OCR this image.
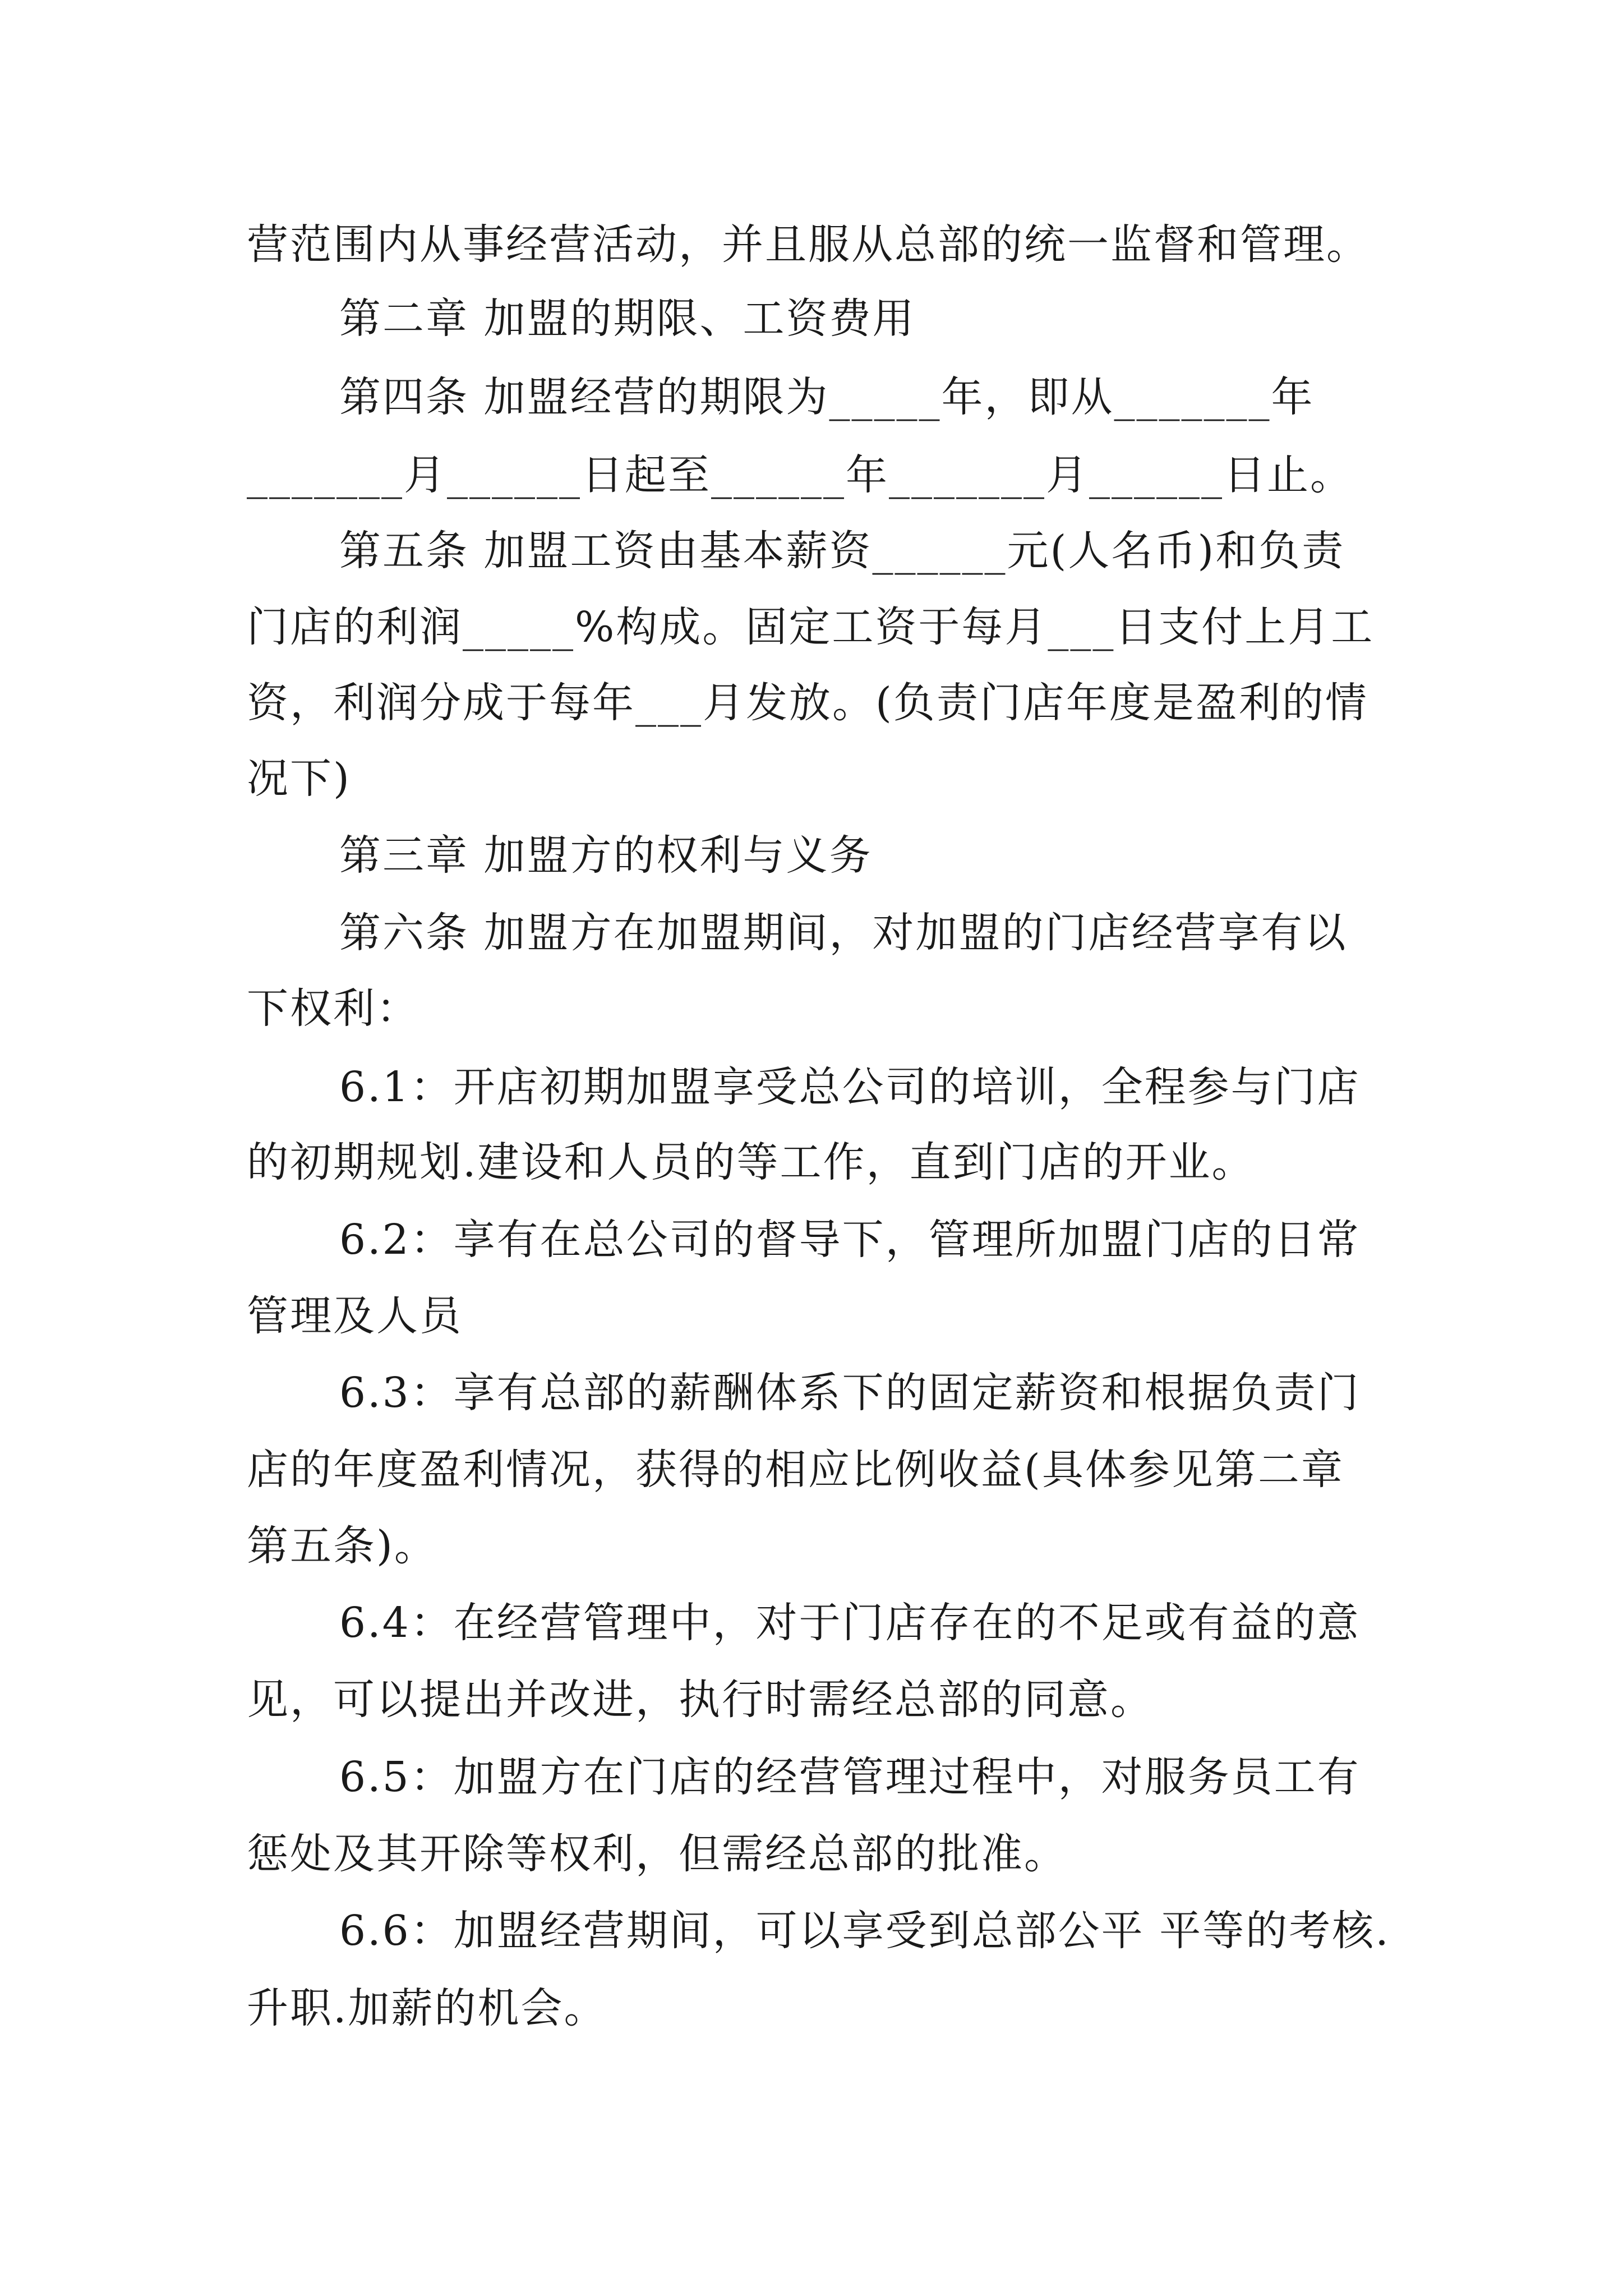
营范围内从事经营活动，并且服从总部的统一监督和管理。
第二章 加盟的期限、工资费用
第四条 加盟经营的期限为_____年，即从_______年
_______月______日起至______年_______月______日止。
第五条 加盟工资由基本薪资______元(人名币)和负责
门店的利润_____%构成。固定工资于每月___日支付上月工
资，利润分成于每年___月发放。(负责门店年度是盈利的情
况下)
第三章 加盟方的权利与义务
第六条 加盟方在加盟期间，对加盟的门店经营享有以
下权利：
6.1：开店初期加盟享受总公司的培训，全程参与门店
的初期规划.建设和人员的等工作，直到门店的开业。
6.2：享有在总公司的督导下，管理所加盟门店的日常
管理及人员
6.3：享有总部的薪酬体系下的固定薪资和根据负责门
店的年度盈利情况，获得的相应比例收益(具体参见第二章
第五条)。
6.4：在经营管理中，对于门店存在的不足或有益的意
见，可以提出并改进，执行时需经总部的同意。
6.5：加盟方在门店的经营管理过程中，对服务员工有
惩处及其开除等权利，但需经总部的批准。
6.6：加盟经营期间，可以享受到总部公平 平等的考核.
升职.加薪的机会。
